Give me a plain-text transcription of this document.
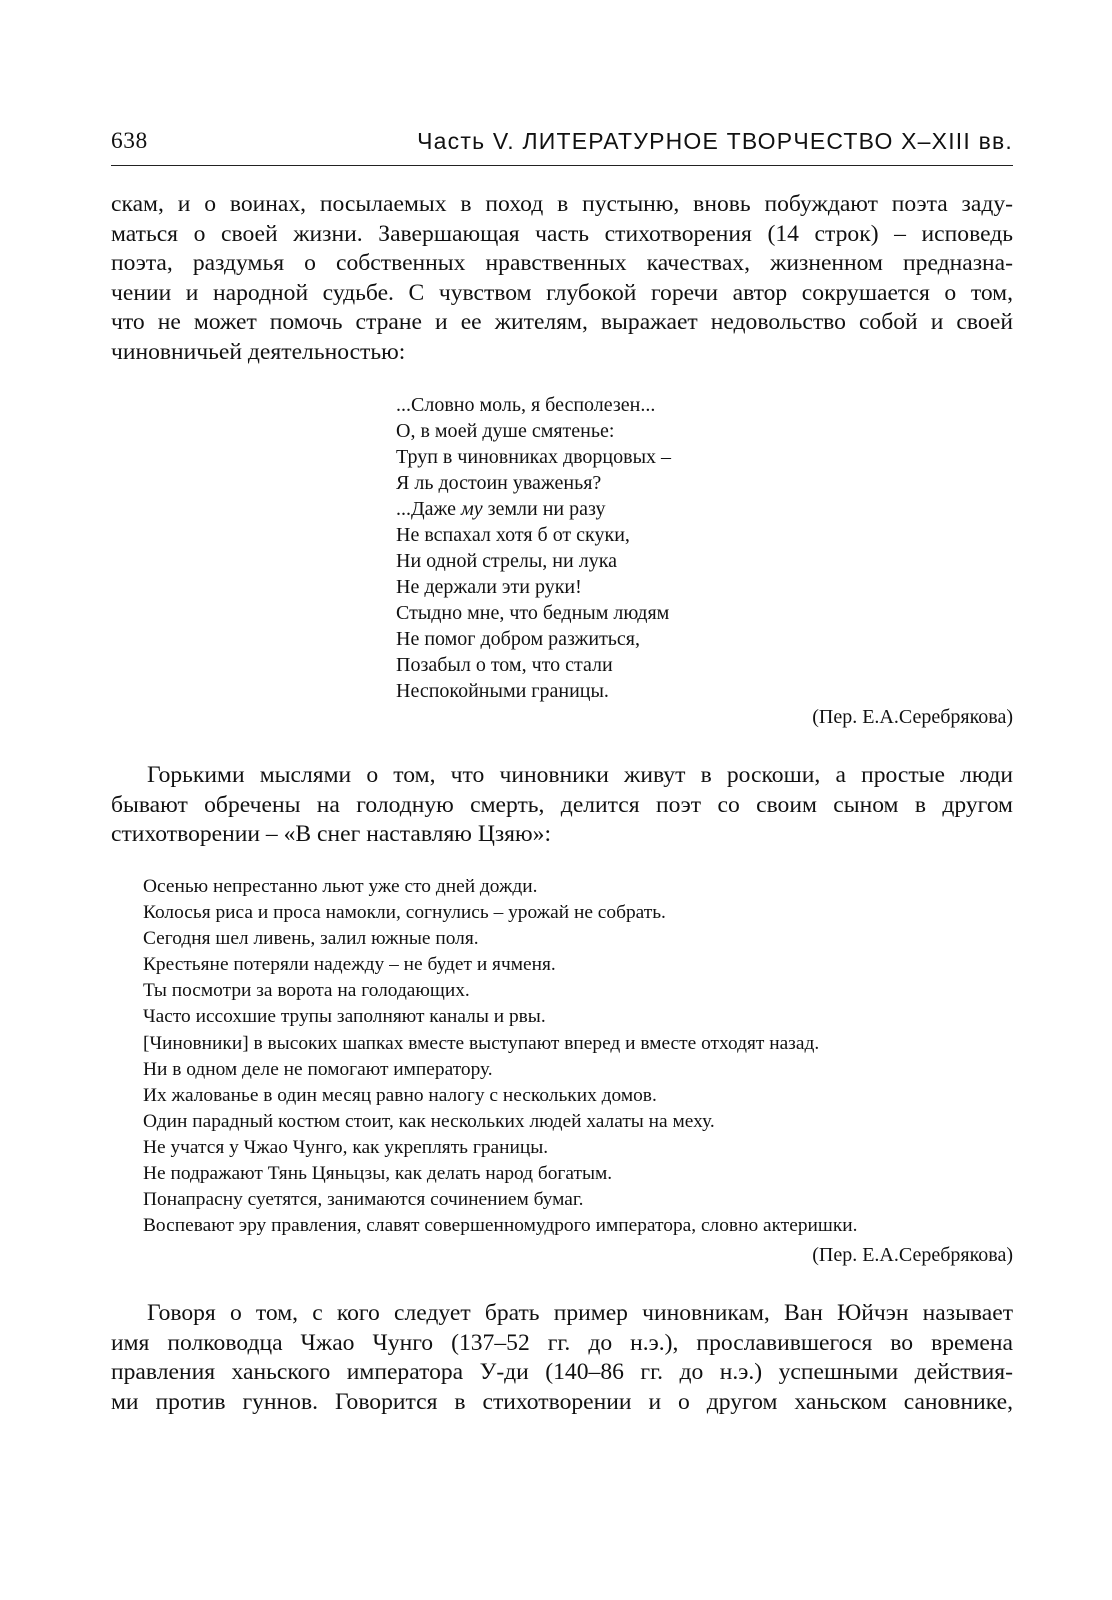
638	Часть V. ЛИТЕРАТУРНОЕ ТВОРЧЕСТВО X–XIII вв.

скам, и о воинах, посылаемых в поход в пустыню, вновь побуждают поэта заду-
маться о своей жизни. Завершающая часть стихотворения (14 строк) – исповедь
поэта, раздумья о собственных нравственных качествах, жизненном предназна-
чении и народной судьбе. С чувством глубокой горечи автор сокрушается о том,
что не может помочь стране и ее жителям, выражает недовольство собой и своей
чиновничьей деятельностью:

...Словно моль, я бесполезен...
О, в моей душе смятенье:
Труп в чиновниках дворцовых –
Я ль достоин уваженья?
...Даже му земли ни разу
Не вспахал хотя б от скуки,
Ни одной стрелы, ни лука
Не держали эти руки!
Стыдно мне, что бедным людям
Не помог добром разжиться,
Позабыл о том, что стали
Неспокойными границы.
(Пер. Е.А.Серебрякова)

Горькими мыслями о том, что чиновники живут в роскоши, а простые люди
бывают обречены на голодную смерть, делится поэт со своим сыном в другом
стихотворении – «В снег наставляю Цзяю»:

Осенью непрестанно льют уже сто дней дожди.
Колосья риса и проса намокли, согнулись – урожай не собрать.
Сегодня шел ливень, залил южные поля.
Крестьяне потеряли надежду – не будет и ячменя.
Ты посмотри за ворота на голодающих.
Часто иссохшие трупы заполняют каналы и рвы.
[Чиновники] в высоких шапках вместе выступают вперед и вместе отходят назад.
Ни в одном деле не помогают императору.
Их жалованье в один месяц равно налогу с нескольких домов.
Один парадный костюм стоит, как нескольких людей халаты на меху.
Не учатся у Чжао Чунго, как укреплять границы.
Не подражают Тянь Цяньцзы, как делать народ богатым.
Понапрасну суетятся, занимаются сочинением бумаг.
Воспевают эру правления, славят совершенномудрого императора, словно актеришки.
(Пер. Е.А.Серебрякова)

Говоря о том, с кого следует брать пример чиновникам, Ван Юйчэн называет
имя полководца Чжао Чунго (137–52 гг. до н.э.), прославившегося во времена
правления ханьского императора У-ди (140–86 гг. до н.э.) успешными действия-
ми против гуннов. Говорится в стихотворении и о другом ханьском сановнике,
